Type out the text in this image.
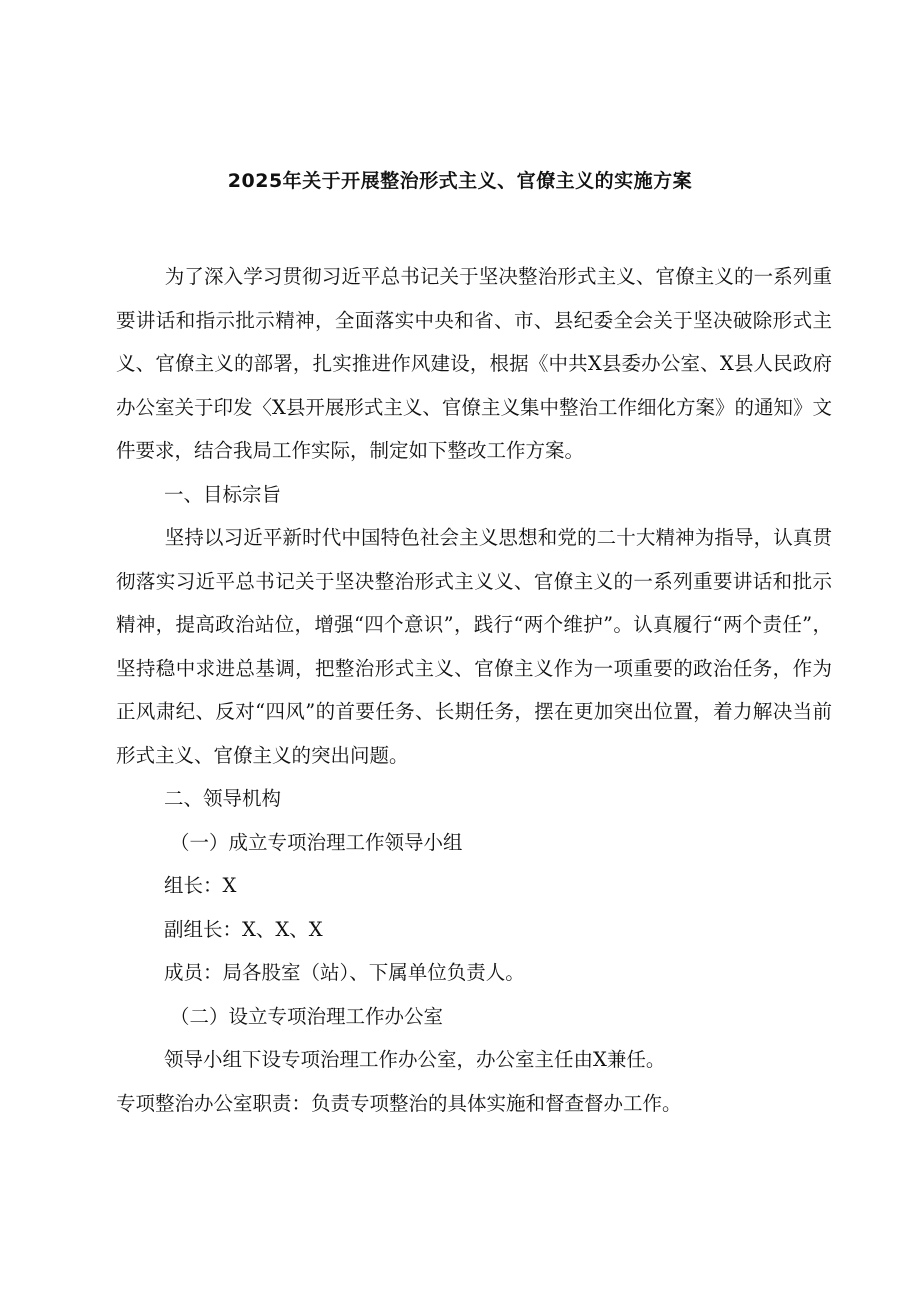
2025年关于开展整治形式主义、官僚主义的实施方案

为了深入学习贯彻习近平总书记关于坚决整治形式主义、官僚主义的一系列重要讲话和指示批示精神，全面落实中央和省、市、县纪委全会关于坚决破除形式主义、官僚主义的部署，扎实推进作风建设，根据《中共X县委办公室、X县人民政府办公室关于印发〈X县开展形式主义、官僚主义集中整治工作细化方案》的通知》文件要求，结合我局工作实际，制定如下整改工作方案。

一、目标宗旨

坚持以习近平新时代中国特色社会主义思想和党的二十大精神为指导，认真贯彻落实习近平总书记关于坚决整治形式主义义、官僚主义的一系列重要讲话和批示精神，提高政治站位，增强“四个意识”，践行“两个维护”。认真履行“两个责任”，坚持稳中求进总基调，把整治形式主义、官僚主义作为一项重要的政治任务，作为正风肃纪、反对“四风”的首要任务、长期任务，摆在更加突出位置，着力解决当前形式主义、官僚主义的突出问题。

二、领导机构

（一）成立专项治理工作领导小组

组长：X

副组长：X、X、X

成员：局各股室（站）、下属单位负责人。

（二）设立专项治理工作办公室

领导小组下设专项治理工作办公室，办公室主任由X兼任。

专项整治办公室职责：负责专项整治的具体实施和督查督办工作。
